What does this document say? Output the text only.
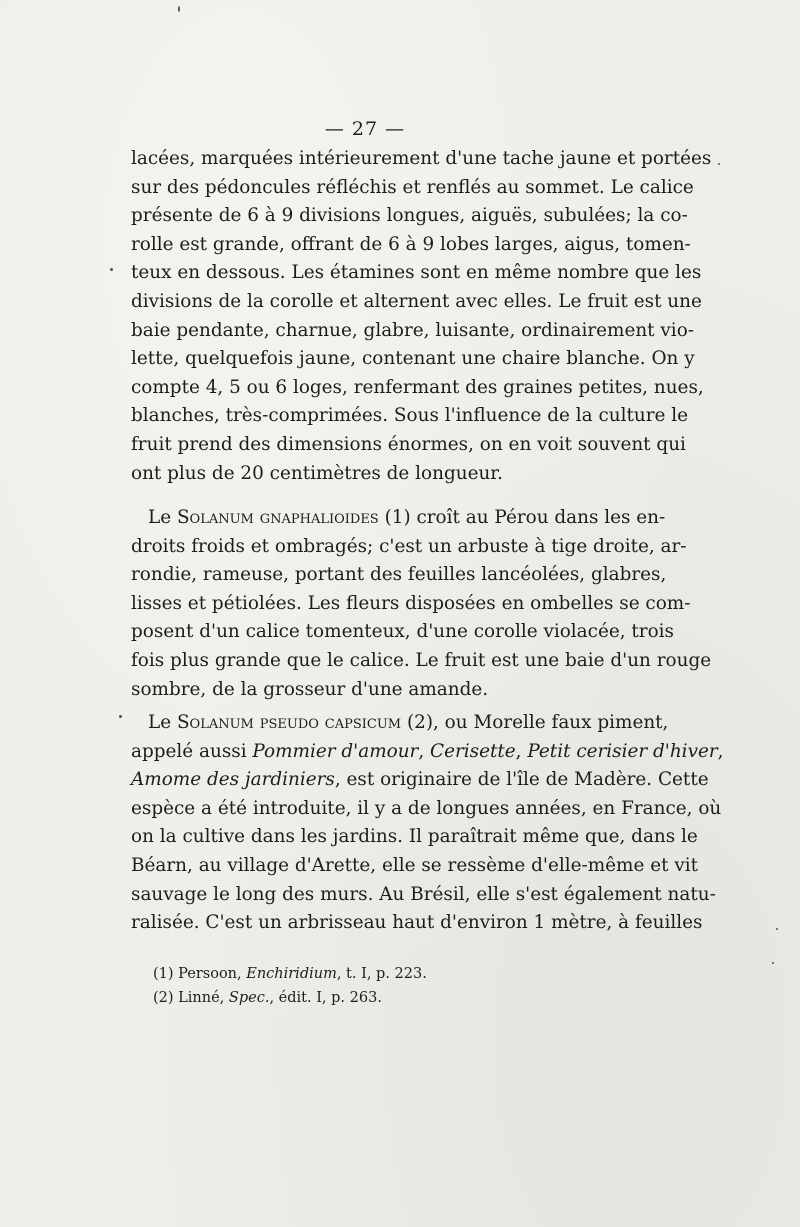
— 27 —
lacées, marquées intérieurement d'une tache jaune et portées
sur des pédoncules réfléchis et renflés au sommet. Le calice
présente de 6 à 9 divisions longues, aiguës, subulées; la co-
rolle est grande, offrant de 6 à 9 lobes larges, aigus, tomen-
teux en dessous. Les étamines sont en même nombre que les
divisions de la corolle et alternent avec elles. Le fruit est une
baie pendante, charnue, glabre, luisante, ordinairement vio-
lette, quelquefois jaune, contenant une chaire blanche. On y
compte 4, 5 ou 6 loges, renfermant des graines petites, nues,
blanches, très-comprimées. Sous l'influence de la culture le
fruit prend des dimensions énormes, on en voit souvent qui
ont plus de 20 centimètres de longueur.
Le Solanum gnaphalioides (1) croît au Pérou dans les en-
droits froids et ombragés; c'est un arbuste à tige droite, ar-
rondie, rameuse, portant des feuilles lancéolées, glabres,
lisses et pétiolées. Les fleurs disposées en ombelles se com-
posent d'un calice tomenteux, d'une corolle violacée, trois
fois plus grande que le calice. Le fruit est une baie d'un rouge
sombre, de la grosseur d'une amande.
Le Solanum pseudo capsicum (2), ou Morelle faux piment,
appelé aussi Pommier d'amour, Cerisette, Petit cerisier d'hiver,
Amome des jardiniers, est originaire de l'île de Madère. Cette
espèce a été introduite, il y a de longues années, en France, où
on la cultive dans les jardins. Il paraîtrait même que, dans le
Béarn, au village d'Arette, elle se ressème d'elle-même et vit
sauvage le long des murs. Au Brésil, elle s'est également natu-
ralisée. C'est un arbrisseau haut d'environ 1 mètre, à feuilles
(1) Persoon, Enchiridium, t. I, p. 223.
(2) Linné, Spec., édit. I, p. 263.
